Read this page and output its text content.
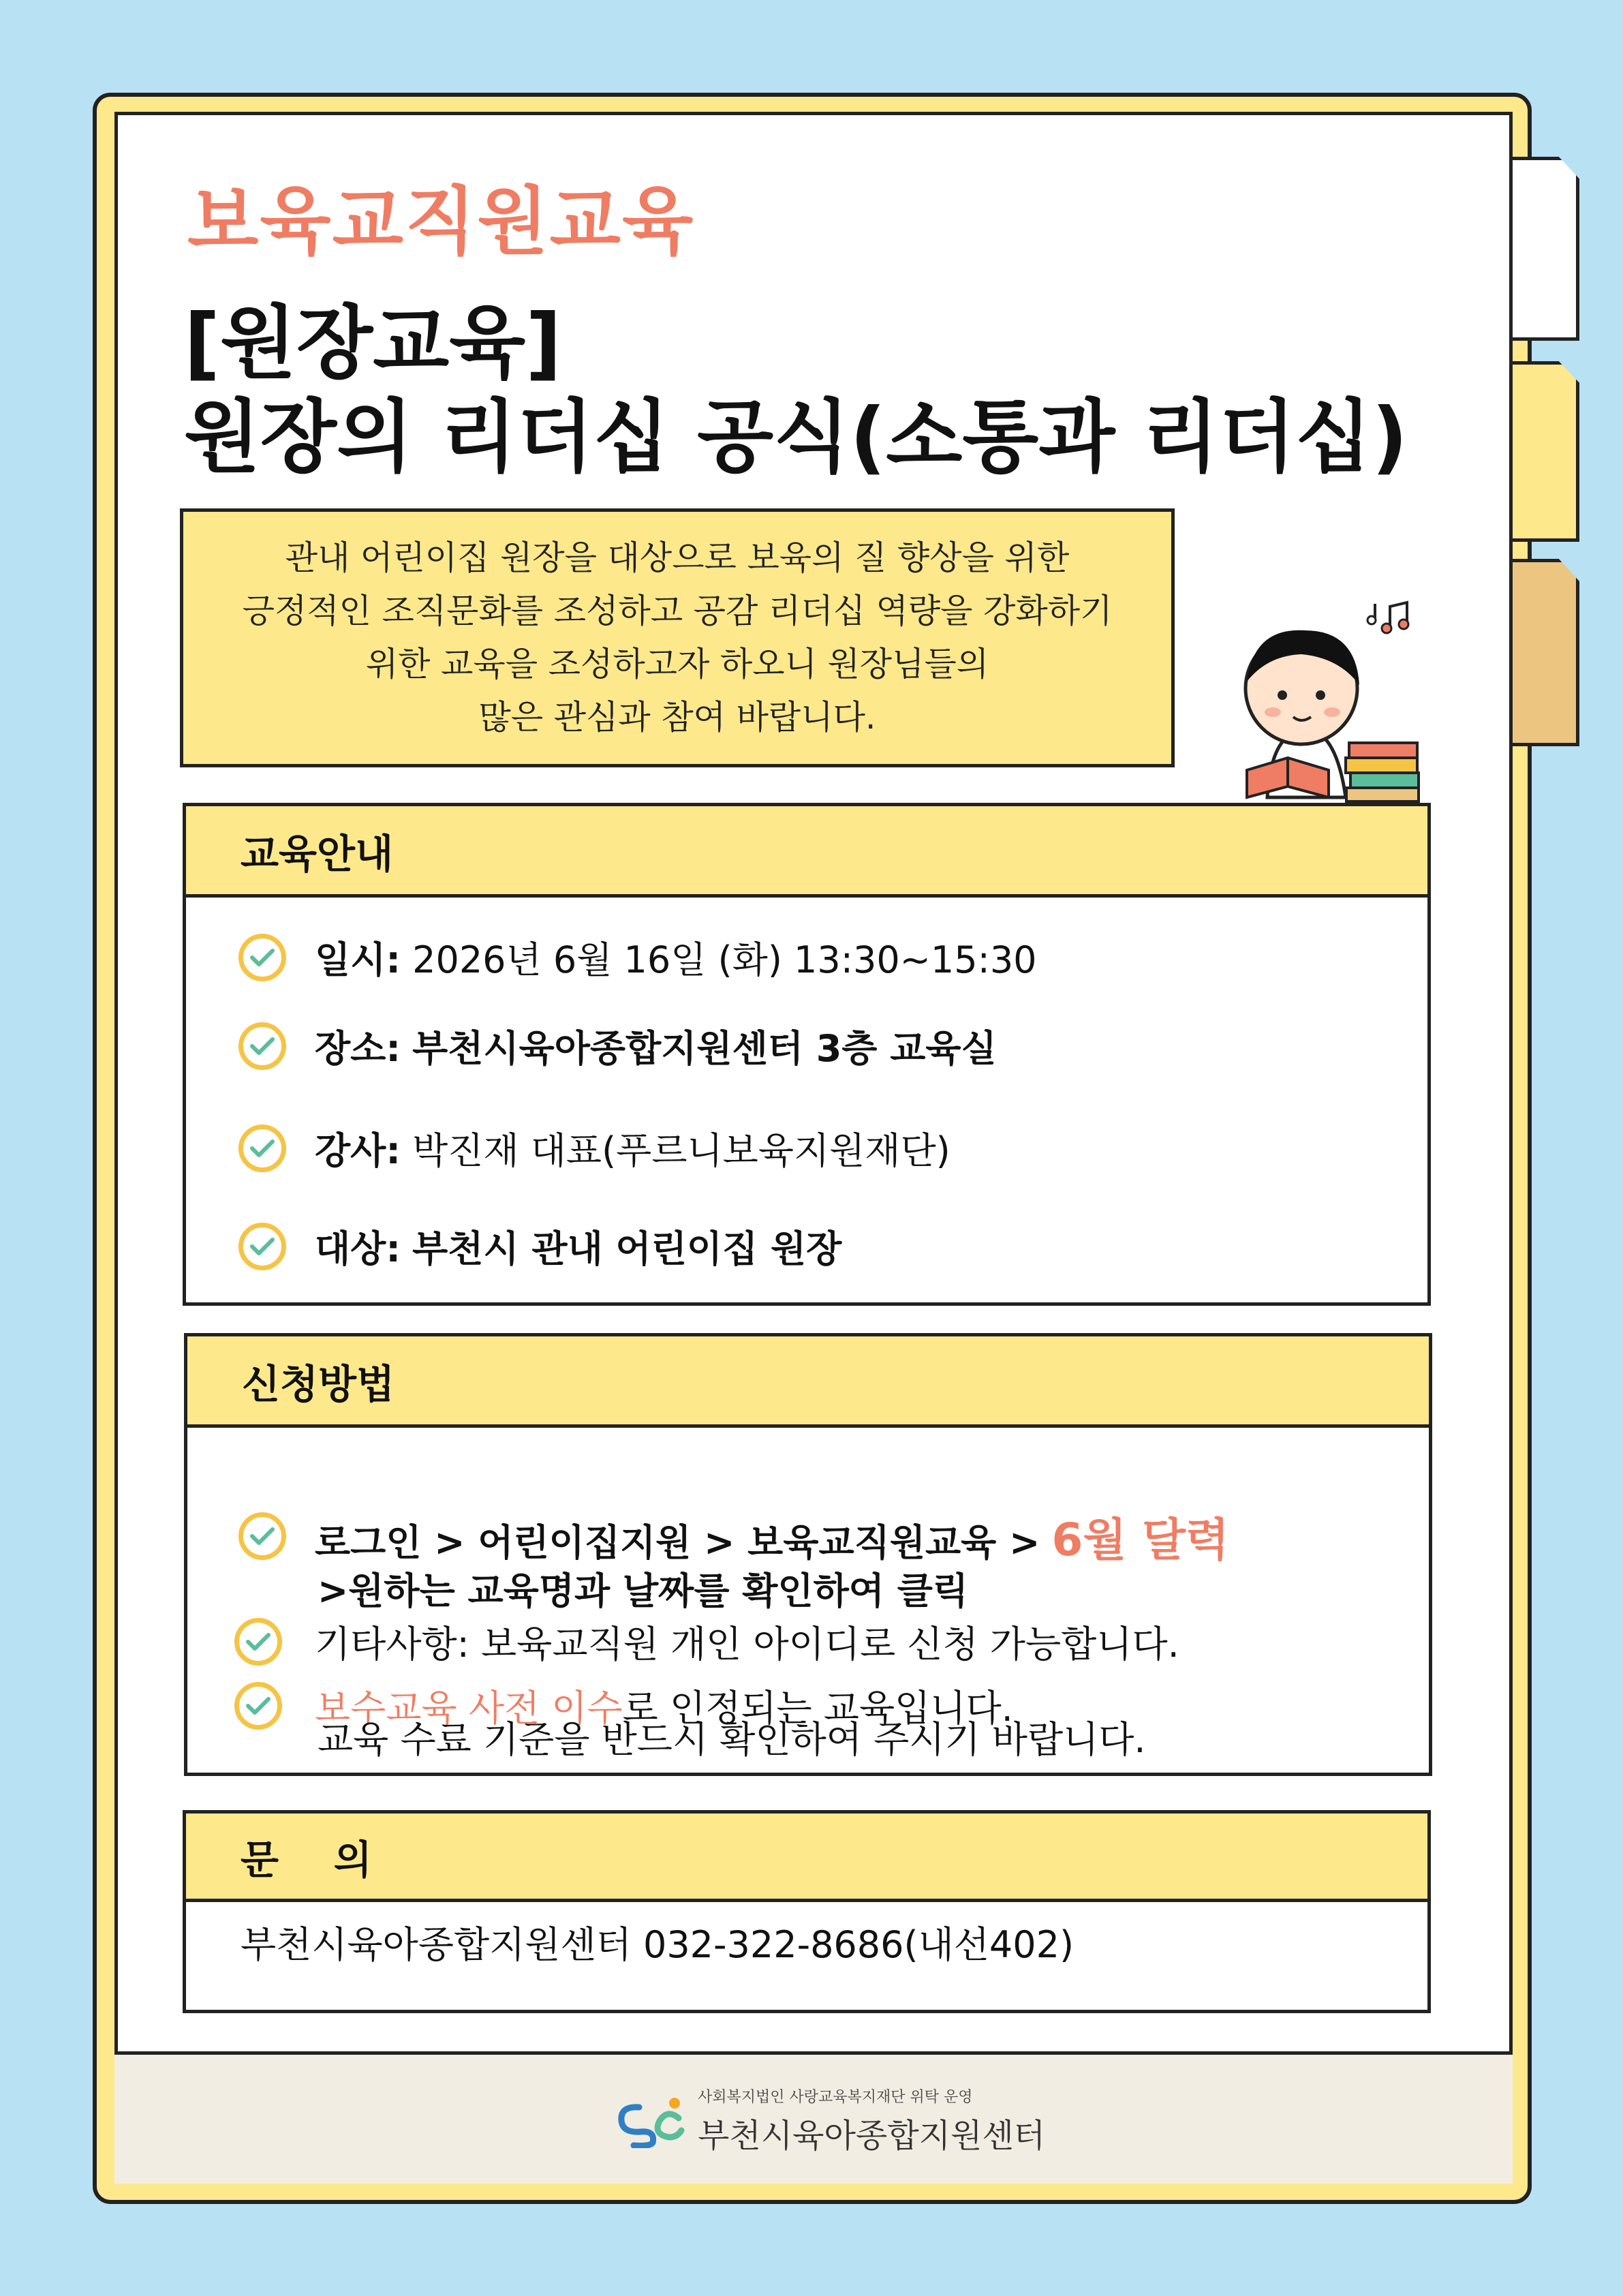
보육교직원교육
[원장교육]
원장의 리더십 공식(소통과 리더십)
관내 어린이집 원장을 대상으로 보육의 질 향상을 위한
긍정적인 조직문화를 조성하고 공감 리더십 역량을 강화하기
위한 교육을 조성하고자 하오니 원장님들의
많은 관심과 참여 바랍니다.
교육안내
일시: 2026년 6월 16일 (화) 13:30~15:30
장소: 부천시육아종합지원센터 3층 교육실
강사: 박진재 대표(푸르니보육지원재단)
대상: 부천시 관내 어린이집 원장
신청방법
로그인 > 어린이집지원 > 보육교직원교육 > 6월 달력
>원하는 교육명과 날짜를 확인하여 클릭
기타사항: 보육교직원 개인 아이디로 신청 가능합니다.
보수교육 사전 이수로 인정되는 교육입니다.
교육 수료 기준을 반드시 확인하여 주시기 바랍니다.
문    의
부천시육아종합지원센터 032-322-8686(내선402)
사회복지법인 사랑교육복지재단 위탁 운영
부천시육아종합지원센터
